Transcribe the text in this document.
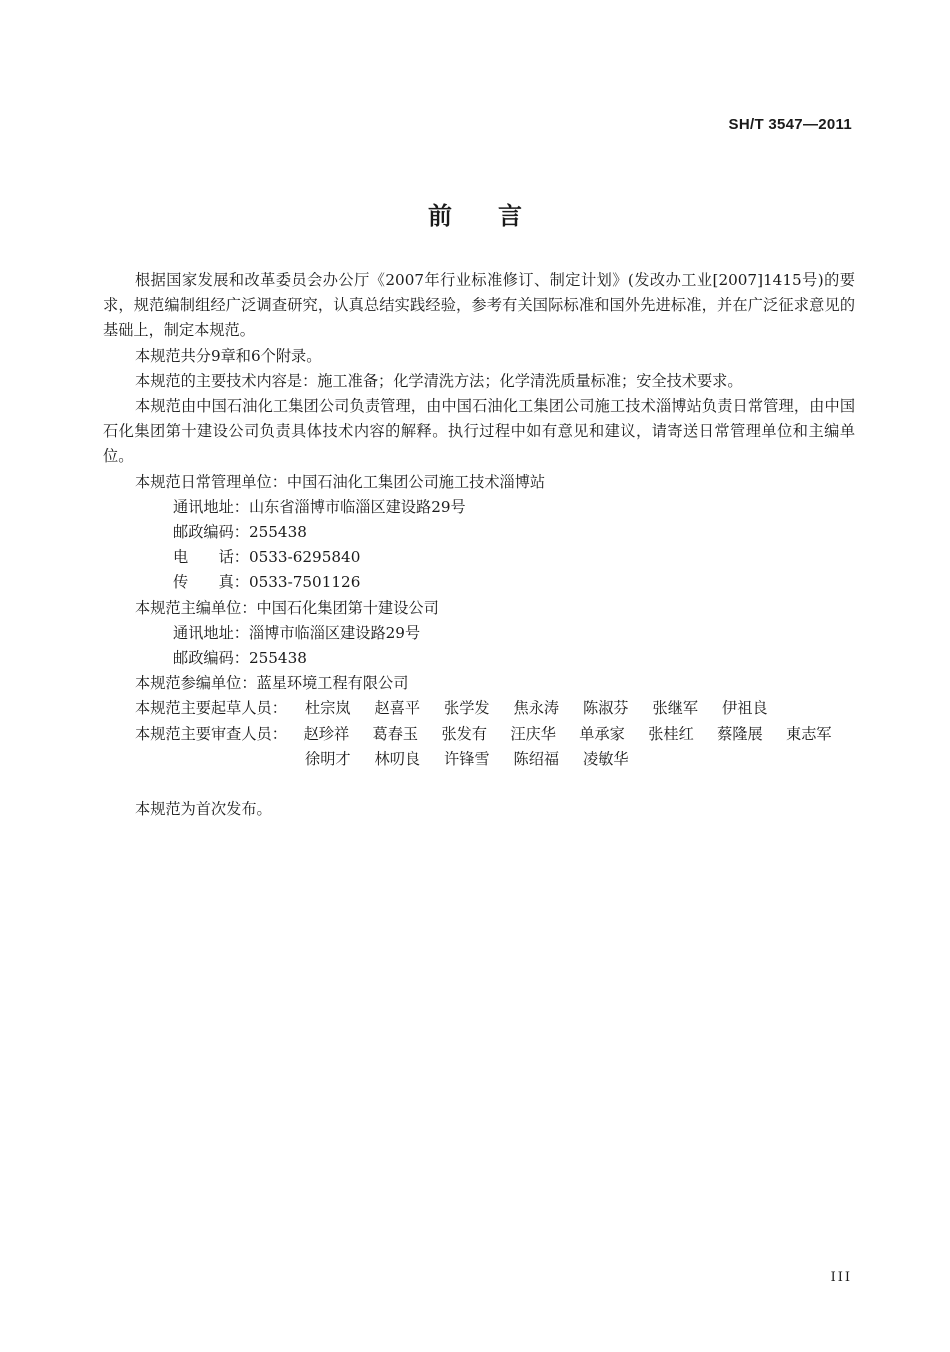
SH/T 3547—2011
前言

根据国家发展和改革委员会办公厅《2007年行业标准修订、制定计划》(发改办工业[2007]1415号)的要求，规范编制组经广泛调查研究，认真总结实践经验，参考有关国际标准和国外先进标准，并在广泛征求意见的基础上，制定本规范。

本规范共分9章和6个附录。

本规范的主要技术内容是：施工准备；化学清洗方法；化学清洗质量标准；安全技术要求。

本规范由中国石油化工集团公司负责管理，由中国石油化工集团公司施工技术淄博站负责日常管理，由中国石化集团第十建设公司负责具体技术内容的解释。执行过程中如有意见和建议，请寄送日常管理单位和主编单位。

本规范日常管理单位：中国石油化工集团公司施工技术淄博站
通讯地址：山东省淄博市临淄区建设路29号
邮政编码：255438
电　　话：0533-6295840
传　　真：0533-7501126
本规范主编单位：中国石化集团第十建设公司
通讯地址：淄博市临淄区建设路29号
邮政编码：255438
本规范参编单位：蓝星环境工程有限公司
本规范主要起草人员：	杜宗岚	赵喜平	张学发	焦永涛	陈淑芬	张继军	伊祖良
本规范主要审查人员：	赵珍祥	葛春玉	张发有	汪庆华	单承家	张桂红	蔡隆展	東志军
徐明才	林叨良	许锋雪	陈绍福	凌敏华
本规范为首次发布。
III
